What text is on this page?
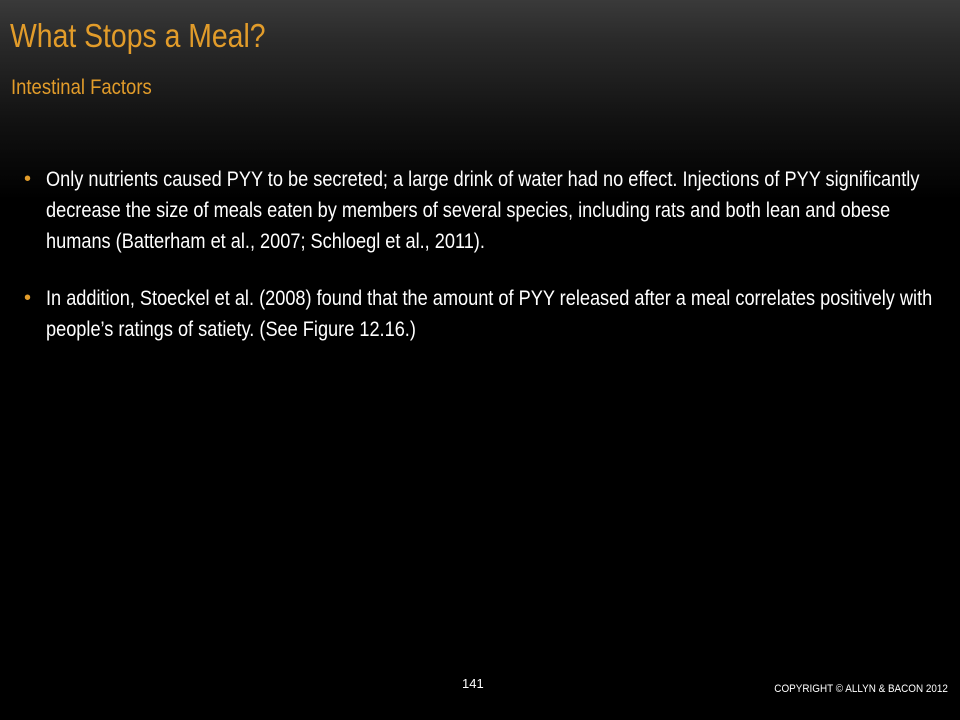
What Stops a Meal?
Intestinal Factors
• Only nutrients caused PYY to be secreted; a large drink of water had no effect. Injections of PYY significantly decrease the size of meals eaten by members of several species, including rats and both lean and obese humans (Batterham et al., 2007; Schloegl et al., 2011).
• In addition, Stoeckel et al. (2008) found that the amount of PYY released after a meal correlates positively with people’s ratings of satiety. (See Figure 12.16.)
141	COPYRIGHT © ALLYN & BACON 2012
